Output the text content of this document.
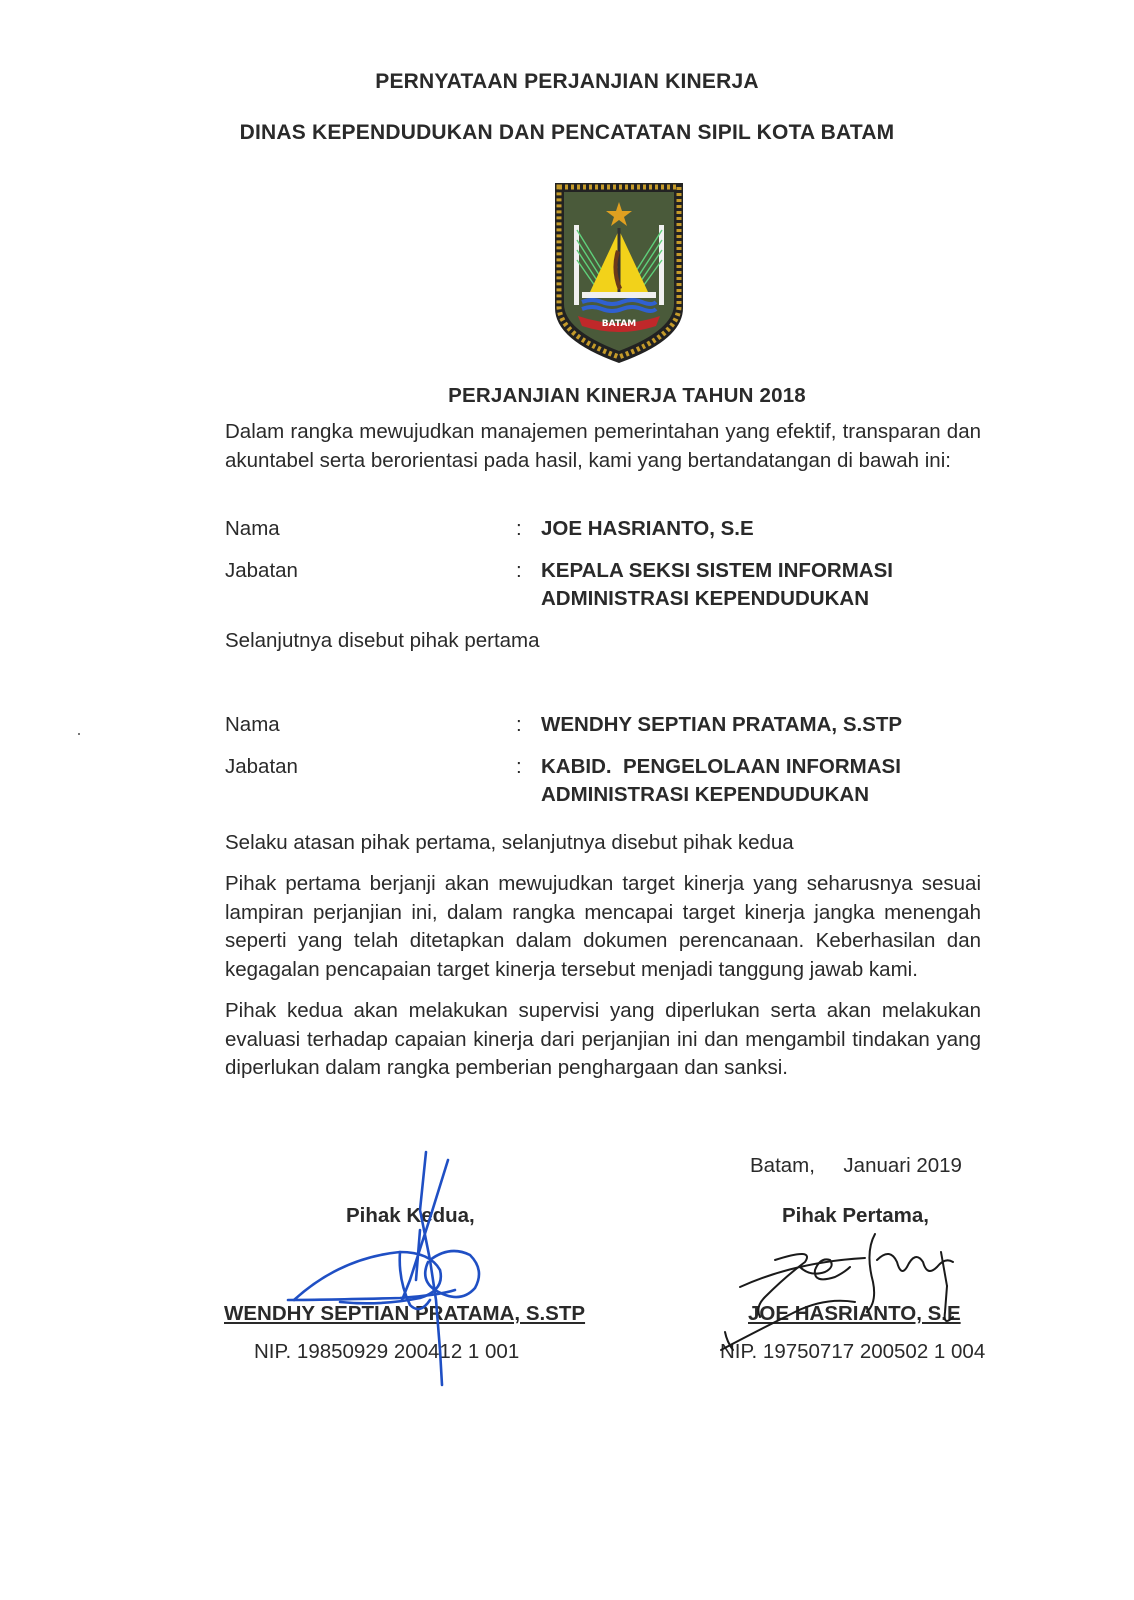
PERNYATAAN PERJANJIAN KINERJA
DINAS KEPENDUDUKAN DAN PENCATATAN SIPIL KOTA BATAM
BATAM
PERJANJIAN KINERJA TAHUN 2018
Dalam rangka mewujudkan manajemen pemerintahan yang efektif, transparan dan akuntabel serta berorientasi pada hasil, kami yang bertandatangan di bawah ini:
Nama	: JOE HASRIANTO, S.E
Jabatan	: KEPALA SEKSI SISTEM INFORMASI
ADMINISTRASI KEPENDUDUKAN
Selanjutnya disebut pihak pertama
Nama	: WENDHY SEPTIAN PRATAMA, S.STP
Jabatan	: KABID.  PENGELOLAAN INFORMASI
ADMINISTRASI KEPENDUDUKAN
Selaku atasan pihak pertama, selanjutnya disebut pihak kedua
Pihak pertama berjanji akan mewujudkan target kinerja yang seharusnya sesuai lampiran perjanjian ini, dalam rangka mencapai target kinerja jangka menengah seperti yang telah ditetapkan dalam dokumen perencanaan. Keberhasilan dan kegagalan pencapaian target kinerja tersebut menjadi tanggung jawab kami.
Pihak kedua akan melakukan supervisi yang diperlukan serta akan melakukan evaluasi terhadap capaian kinerja dari perjanjian ini dan mengambil tindakan yang diperlukan dalam rangka pemberian penghargaan dan sanksi.
Batam,     Januari 2019
Pihak Kedua,
WENDHY SEPTIAN PRATAMA, S.STP
NIP. 19850929 200412 1 001
Pihak Pertama,
JOE HASRIANTO, S.E
NIP. 19750717 200502 1 004
